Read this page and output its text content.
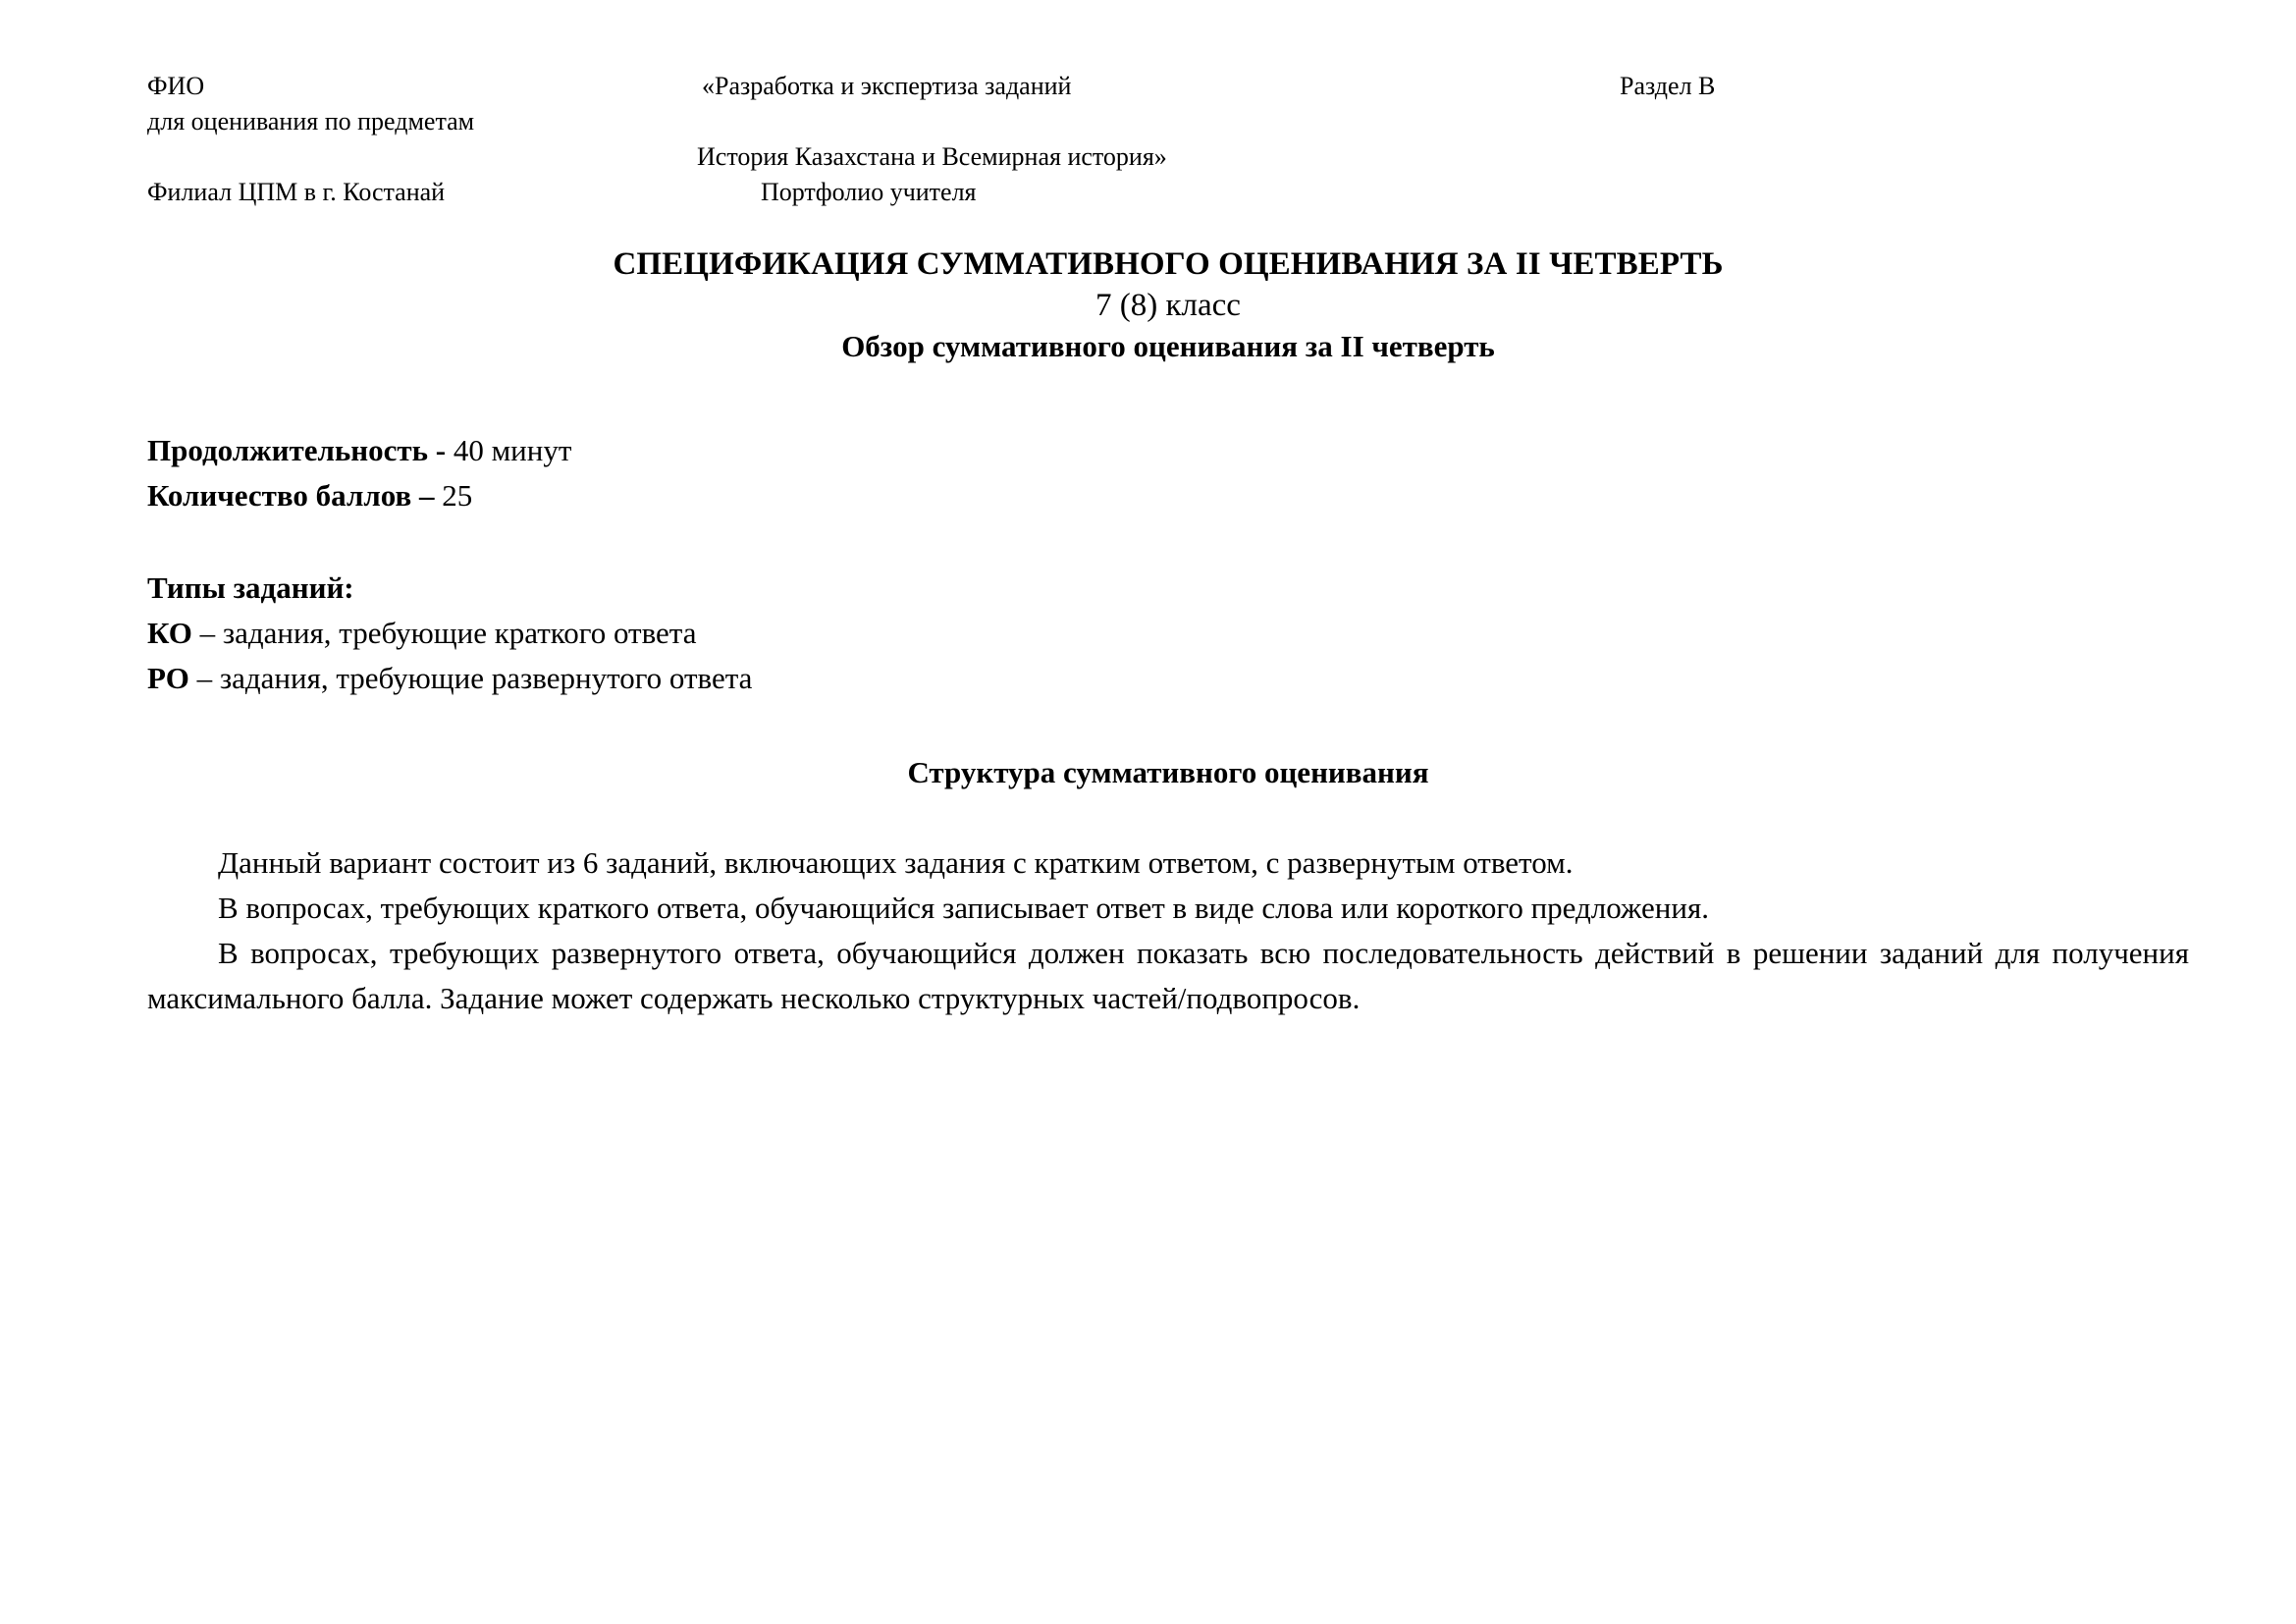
ФИО
для оценивания по предметам
Филиал ЦПМ в г. Костанай
«Разработка и экспертиза заданий
История Казахстана и Всемирная история»
Портфолио учителя
Раздел В
СПЕЦИФИКАЦИЯ СУММАТИВНОГО ОЦЕНИВАНИЯ ЗА II ЧЕТВЕРТЬ
7 (8) класс
Обзор суммативного оценивания за II четверть
Продолжительность - 40 минут
Количество баллов – 25
Типы заданий:
КО – задания, требующие краткого ответа
РО – задания, требующие развернутого ответа
Структура суммативного оценивания

Данный вариант состоит из 6 заданий, включающих задания с кратким ответом, с развернутым ответом.

В вопросах, требующих краткого ответа, обучающийся записывает ответ в виде слова или короткого предложения.

В вопросах, требующих развернутого ответа, обучающийся должен показать всю последовательность действий в решении заданий для получения максимального балла. Задание может содержать несколько структурных частей/подвопросов.
